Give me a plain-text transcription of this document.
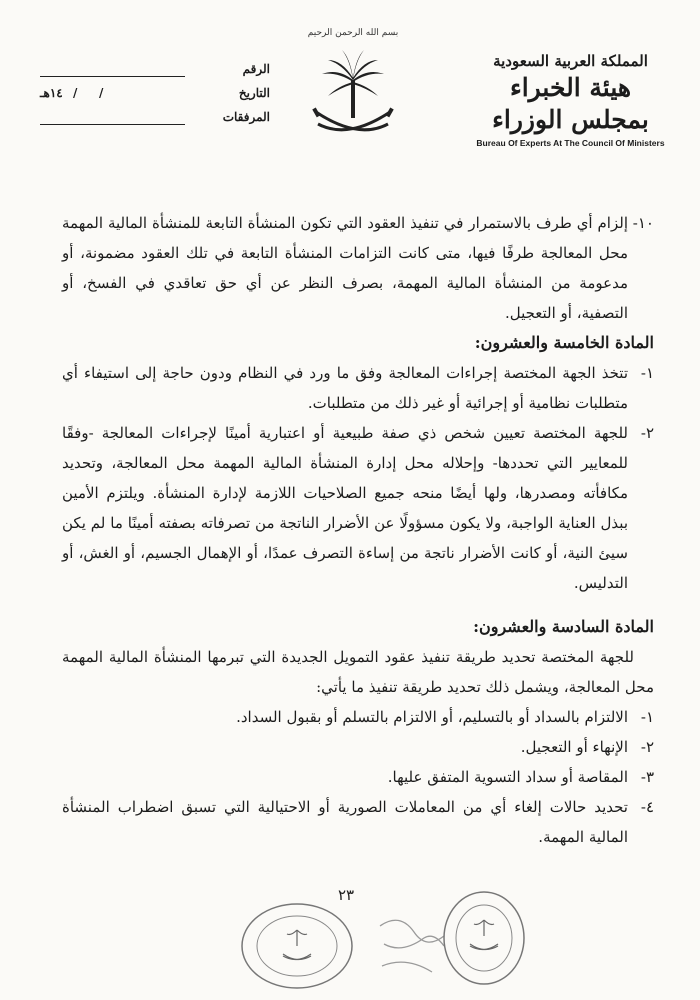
الرقم
التاريخ
//١٤هـ
المرفقات
بسم الله الرحمن الرحيم
المملكة العربية السعودية
هيئة الخبراء بمجلس الوزراء
Bureau Of Experts At The Council Of Ministers

١٠-
إلزام أي طرف بالاستمرار في تنفيذ العقود التي تكون المنشأة التابعة للمنشأة المالية المهمة محل المعالجة طرفًا فيها، متى كانت التزامات المنشأة التابعة في تلك العقود مضمونة، أو مدعومة من المنشأة المالية المهمة، بصرف النظر عن أي حق تعاقدي في الفسخ، أو التصفية، أو التعجيل.

المادة الخامسة والعشرون:

١-
تتخذ الجهة المختصة إجراءات المعالجة وفق ما ورد في النظام ودون حاجة إلى استيفاء أي متطلبات نظامية أو إجرائية أو غير ذلك من متطلبات.

٢-
للجهة المختصة تعيين شخص ذي صفة طبيعية أو اعتبارية أمينًا لإجراءات المعالجة -وفقًا للمعايير التي تحددها- وإحلاله محل إدارة المنشأة المالية المهمة محل المعالجة، وتحديد مكافأته ومصدرها، ولها أيضًا منحه جميع الصلاحيات اللازمة لإدارة المنشأة. ويلتزم الأمين ببذل العناية الواجبة، ولا يكون مسؤولًا عن الأضرار الناتجة من تصرفاته بصفته أمينًا ما لم يكن سيئ النية، أو كانت الأضرار ناتجة من إساءة التصرف عمدًا، أو الإهمال الجسيم، أو الغش، أو التدليس.

المادة السادسة والعشرون:

للجهة المختصة تحديد طريقة تنفيذ عقود التمويل الجديدة التي تبرمها المنشأة المالية المهمة محل المعالجة، ويشمل ذلك تحديد طريقة تنفيذ ما يأتي:

١-
الالتزام بالسداد أو بالتسليم، أو الالتزام بالتسلم أو بقبول السداد.

٢-
الإنهاء أو التعجيل.

٣-
المقاصة أو سداد التسوية المتفق عليها.

٤-
تحديد حالات إلغاء أي من المعاملات الصورية أو الاحتيالية التي تسبق اضطراب المنشأة المالية المهمة.

٢٣
